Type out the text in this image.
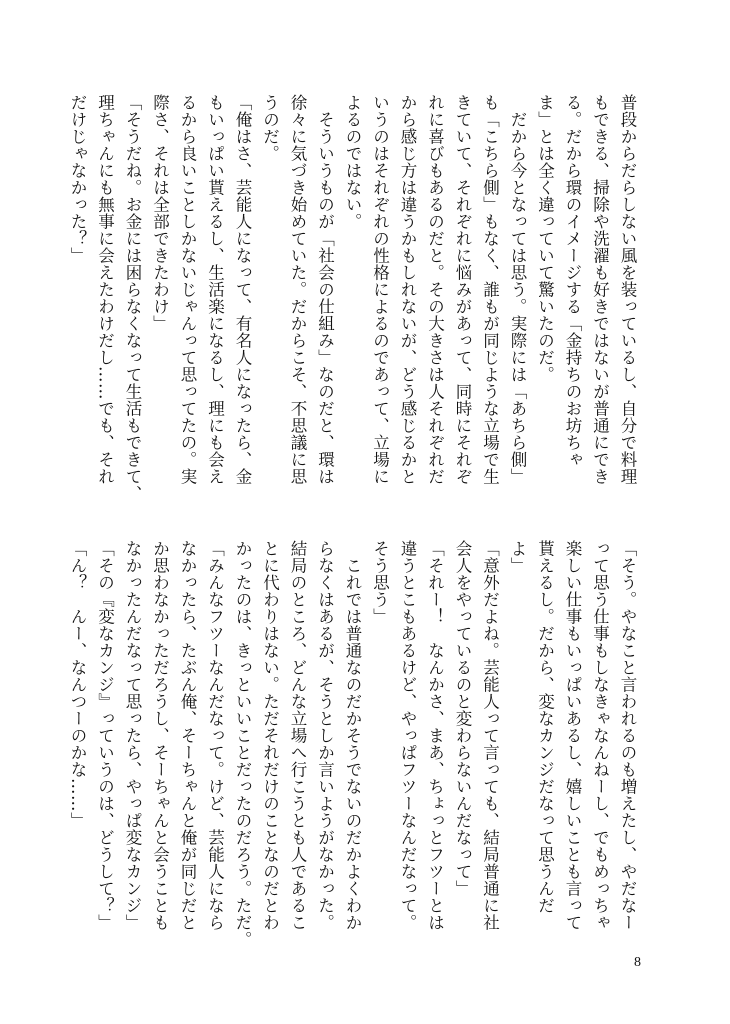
普段からだらしない風を装っているし、自分で料理
もできる、掃除や洗濯も好きではないが普通にでき
る。だから環のイメージする「金持ちのお坊ちゃ
ま」とは全く違っていて驚いたのだ。
　だから今となっては思う。実際には「あちら側」
も「こちら側」もなく、誰もが同じような立場で生
きていて、それぞれに悩みがあって、同時にそれぞ
れに喜びもあるのだと。その大きさは人それぞれだ
から感じ方は違うかもしれないが、どう感じるかと
いうのはそれぞれの性格によるのであって、立場に
よるのではない。
　そういうものが「社会の仕組み」なのだと、環は
徐々に気づき始めていた。だからこそ、不思議に思
うのだ。
「俺はさ、芸能人になって、有名人になったら、金
もいっぱい貰えるし、生活楽になるし、理にも会え
るから良いことしかないじゃんって思ってたの。実
際さ、それは全部できたわけ」
「そうだね。お金には困らなくなって生活もできて、
理ちゃんにも無事に会えたわけだし……でも、それ
だけじゃなかった？」
「そう。やなこと言われるのも増えたし、やだなー
って思う仕事もしなきゃなんねーし、でもめっちゃ
楽しい仕事もいっぱいあるし、嬉しいことも言って
貰えるし。だから、変なカンジだなって思うんだ
よ」
「意外だよね。芸能人って言っても、結局普通に社
会人をやっているのと変わらないんだなって」
「それー！　なんかさ、まあ、ちょっとフツーとは
違うとこもあるけど、やっぱフツーなんだなって。
そう思う」
　これでは普通なのだかそうでないのだかよくわか
らなくはあるが、そうとしか言いようがなかった。
結局のところ、どんな立場へ行こうとも人であるこ
とに代わりはない。ただそれだけのことなのだとわ
かったのは、きっといいことだったのだろう。ただ。
「みんなフツーなんだなって。けど、芸能人になら
なかったら、たぶん俺、そーちゃんと俺が同じだと
か思わなかっただろうし、そーちゃんと会うことも
なかったんだなって思ったら、やっぱ変なカンジ」
「その『変なカンジ』っていうのは、どうして？」
「ん？　んー、なんつーのかな……」
8
